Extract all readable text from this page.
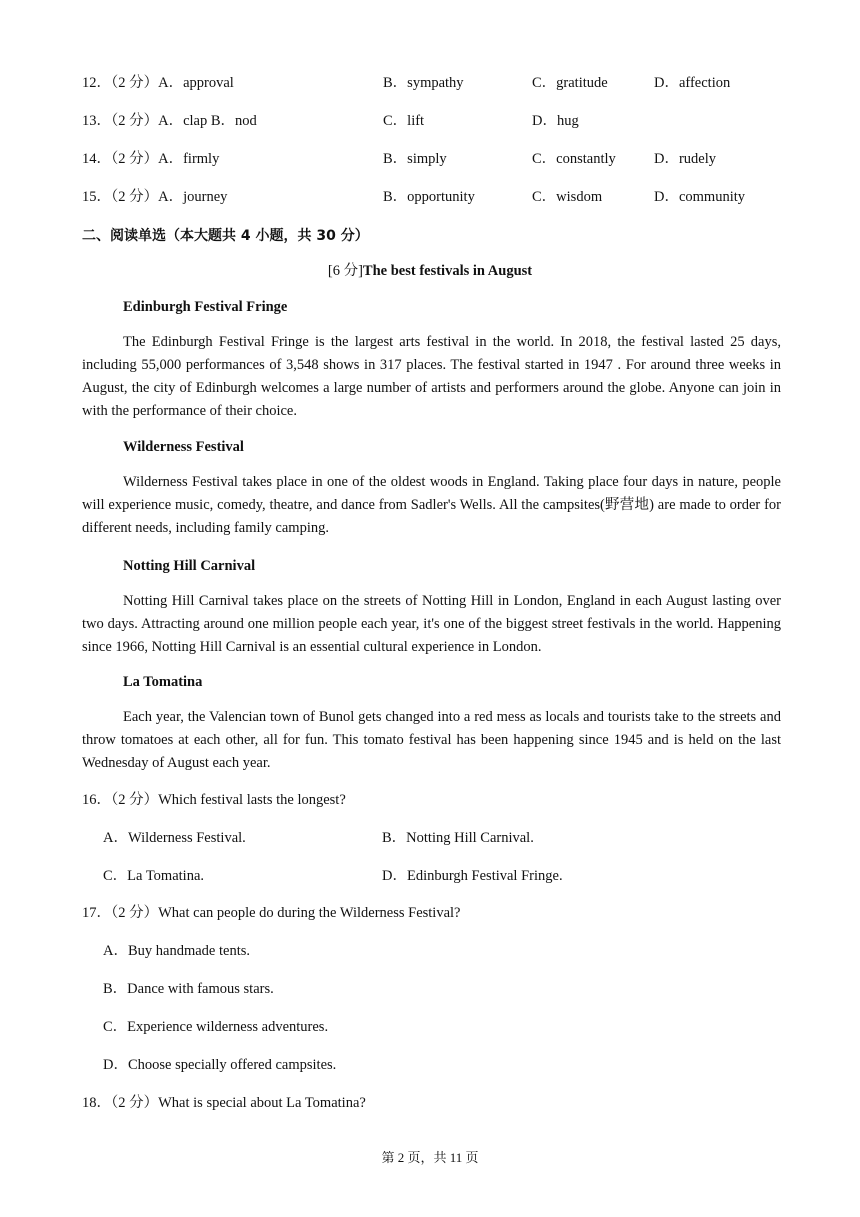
12．（2 分）A．approval	B．sympathy	C．gratitude	D．affection
13．（2 分）A．clap B．nod	C．lift	D．hug
14．（2 分）A．firmly	B．simply	C．constantly	D．rudely
15．（2 分）A．journey	B．opportunity	C．wisdom	D．community
二、阅读单选（本大题共 4 小题，共 30 分）
[6 分]The best festivals in August
Edinburgh Festival Fringe

The Edinburgh Festival Fringe is the largest arts festival in the world. In 2018, the festival lasted 25 days, including 55,000 performances of 3,548 shows in 317 places. The festival started in 1947 . For around three weeks in August, the city of Edinburgh welcomes a large number of artists and performers around the globe. Anyone can join in with the performance of their choice.

Wilderness Festival

Wilderness Festival takes place in one of the oldest woods in England. Taking place four days in nature, people will experience music, comedy, theatre, and dance from Sadler's Wells. All the campsites(野营地) are made to order for different needs, including family camping.

Notting Hill Carnival

Notting Hill Carnival takes place on the streets of Notting Hill in London, England in each August lasting over two days. Attracting around one million people each year, it's one of the biggest street festivals in the world. Happening since 1966, Notting Hill Carnival is an essential cultural experience in London.

La Tomatina

Each year, the Valencian town of Bunol gets changed into a red mess as locals and tourists take to the streets and throw tomatoes at each other, all for fun. This tomato festival has been happening since 1945 and is held on the last Wednesday of August each year.

16．（2 分）Which festival lasts the longest?
A．Wilderness Festival.	B．Notting Hill Carnival.
C．La Tomatina.	D．Edinburgh Festival Fringe.
17．（2 分）What can people do during the Wilderness Festival?
A．Buy handmade tents.
B．Dance with famous stars.
C．Experience wilderness adventures.
D．Choose specially offered campsites.
18．（2 分）What is special about La Tomatina?
第 2 页，共 11 页
